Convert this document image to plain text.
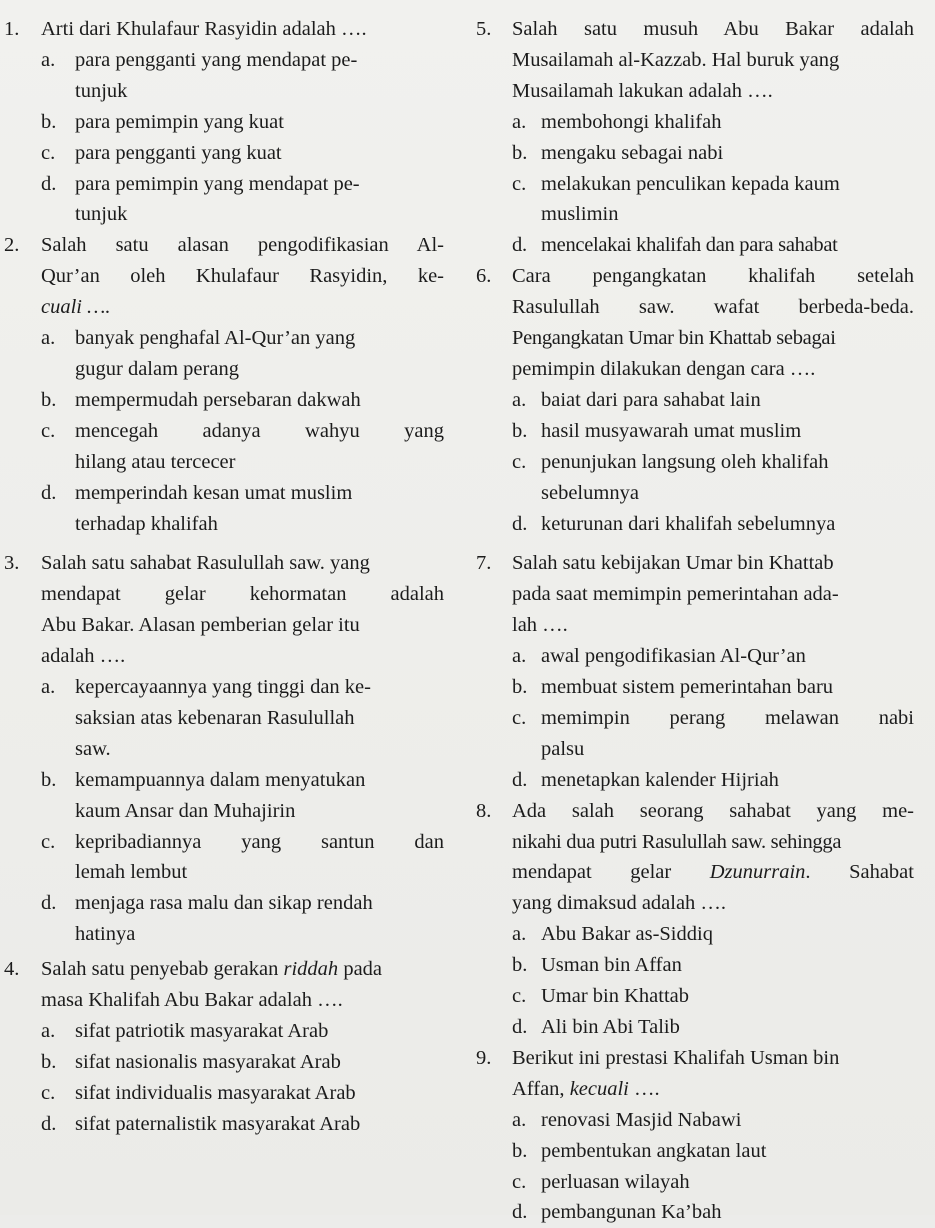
1. Arti dari Khulafaur Rasyidin adalah ….
a. para pengganti yang mendapat pe-
tunjuk
b. para pemimpin yang kuat
c. para pengganti yang kuat
d. para pemimpin yang mendapat pe-
tunjuk
2. Salah satu alasan pengodifikasian Al-
Qur’an oleh Khulafaur Rasyidin, ke-
cuali ….
a. banyak penghafal Al-Qur’an yang
gugur dalam perang
b. mempermudah persebaran dakwah
c. mencegah adanya wahyu yang
hilang atau tercecer
d. memperindah kesan umat muslim
terhadap khalifah
3. Salah satu sahabat Rasulullah saw. yang
mendapat gelar kehormatan adalah
Abu Bakar. Alasan pemberian gelar itu
adalah ….
a. kepercayaannya yang tinggi dan ke-
saksian atas kebenaran Rasulullah
saw.
b. kemampuannya dalam menyatukan
kaum Ansar dan Muhajirin
c. kepribadiannya yang santun dan
lemah lembut
d. menjaga rasa malu dan sikap rendah
hatinya
4. Salah satu penyebab gerakan riddah pada
masa Khalifah Abu Bakar adalah ….
a. sifat patriotik masyarakat Arab
b. sifat nasionalis masyarakat Arab
c. sifat individualis masyarakat Arab
d. sifat paternalistik masyarakat Arab
5. Salah satu musuh Abu Bakar adalah
Musailamah al-Kazzab. Hal buruk yang
Musailamah lakukan adalah ….
a. membohongi khalifah
b. mengaku sebagai nabi
c. melakukan penculikan kepada kaum
muslimin
d. mencelakai khalifah dan para sahabat
6. Cara pengangkatan khalifah setelah
Rasulullah saw. wafat berbeda-beda.
Pengangkatan Umar bin Khattab sebagai
pemimpin dilakukan dengan cara ….
a. baiat dari para sahabat lain
b. hasil musyawarah umat muslim
c. penunjukan langsung oleh khalifah
sebelumnya
d. keturunan dari khalifah sebelumnya
7. Salah satu kebijakan Umar bin Khattab
pada saat memimpin pemerintahan ada-
lah ….
a. awal pengodifikasian Al-Qur’an
b. membuat sistem pemerintahan baru
c. memimpin perang melawan nabi
palsu
d. menetapkan kalender Hijriah
8. Ada salah seorang sahabat yang me-
nikahi dua putri Rasulullah saw. sehingga
mendapat gelar Dzunurrain. Sahabat
yang dimaksud adalah ….
a. Abu Bakar as-Siddiq
b. Usman bin Affan
c. Umar bin Khattab
d. Ali bin Abi Talib
9. Berikut ini prestasi Khalifah Usman bin
Affan, kecuali ….
a. renovasi Masjid Nabawi
b. pembentukan angkatan laut
c. perluasan wilayah
d. pembangunan Ka’bah
